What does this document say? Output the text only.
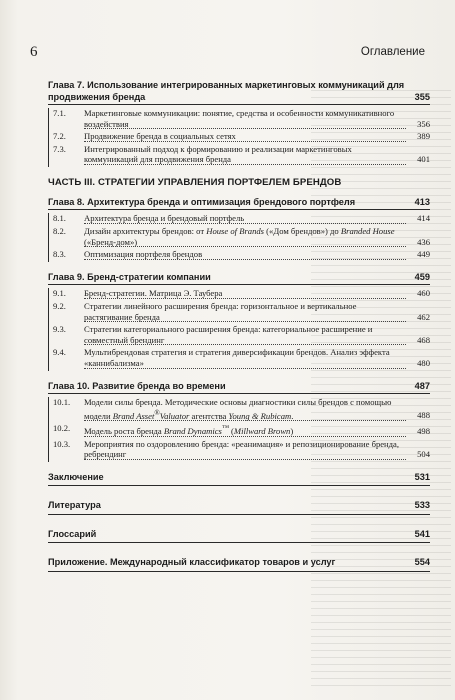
6	Оглавление
Глава 7. Использование интегрированных маркетинговых коммуникаций для продвижения бренда	355
7.1.	Маркетинговые коммуникации: понятие, средства и особенности коммуникативного воздействия	356
7.2.	Продвижение бренда в социальных сетях	389
7.3.	Интегрированный подход к формированию и реализации маркетинговых коммуникаций для продвижения бренда	401
ЧАСТЬ III. СТРАТЕГИИ УПРАВЛЕНИЯ ПОРТФЕЛЕМ БРЕНДОВ
Глава 8. Архитектура бренда и оптимизация брендового портфеля	413
8.1.	Архитектура бренда и брендовый портфель	414
8.2.	Дизайн архитектуры брендов: от House of Brands («Дом брендов») до Branded House («Бренд-дом»)	436
8.3.	Оптимизация портфеля брендов	449
Глава 9. Бренд-стратегии компании	459
9.1.	Бренд-стратегии. Матрица Э. Таубера	460
9.2.	Стратегии линейного расширения бренда: горизонтальное и вертикальное растягивание бренда	462
9.3.	Стратегии категориального расширения бренда: категориальное расширение и совместный брендинг	468
9.4.	Мультибрендовая стратегия и стратегия диверсификации брендов. Анализ эффекта «каннибализма»	480
Глава 10. Развитие бренда во времени	487
10.1.	Модели силы бренда. Методические основы диагностики силы брендов с помощью модели Brand Asset®Valuator агентства Young & Rubicam.	488
10.2.	Модель роста бренда Brand Dynamics™ (Millward Brown)	498
10.3.	Мероприятия по оздоровлению бренда: «реанимация» и репозиционирование бренда, ребрендинг	504
Заключение	531
Литература	533
Глоссарий	541
Приложение. Международный классификатор товаров и услуг	554
